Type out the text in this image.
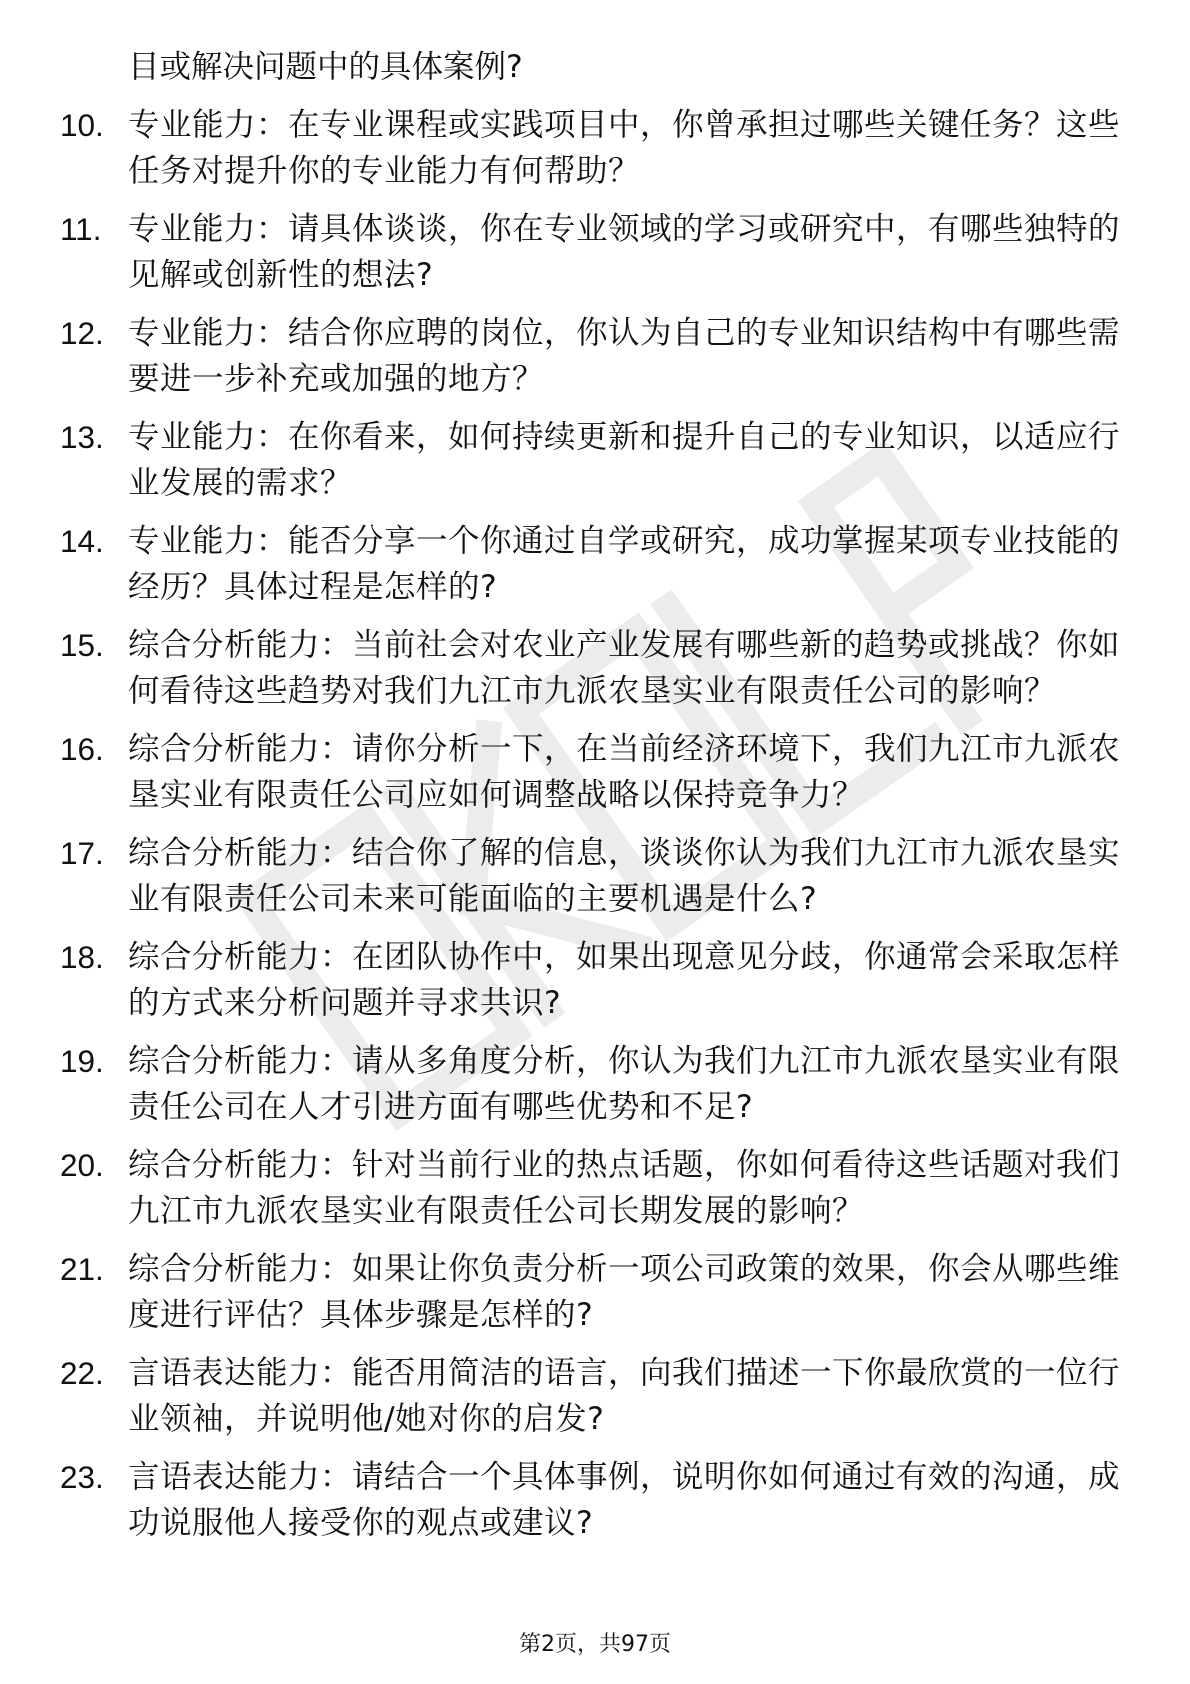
目或解决问题中的具体案例?
10. 专业能力：在专业课程或实践项目中，你曾承担过哪些关键任务？这些任务对提升你的专业能力有何帮助？
11. 专业能力：请具体谈谈，你在专业领域的学习或研究中，有哪些独特的见解或创新性的想法?
12. 专业能力：结合你应聘的岗位，你认为自己的专业知识结构中有哪些需要进一步补充或加强的地方？
13. 专业能力：在你看来，如何持续更新和提升自己的专业知识，以适应行业发展的需求？
14. 专业能力：能否分享一个你通过自学或研究，成功掌握某项专业技能的经历？具体过程是怎样的?
15. 综合分析能力：当前社会对农业产业发展有哪些新的趋势或挑战？你如何看待这些趋势对我们九江市九派农垦实业有限责任公司的影响？
16. 综合分析能力：请你分析一下，在当前经济环境下，我们九江市九派农垦实业有限责任公司应如何调整战略以保持竞争力？
17. 综合分析能力：结合你了解的信息，谈谈你认为我们九江市九派农垦实业有限责任公司未来可能面临的主要机遇是什么?
18. 综合分析能力：在团队协作中，如果出现意见分歧，你通常会采取怎样的方式来分析问题并寻求共识?
19. 综合分析能力：请从多角度分析，你认为我们九江市九派农垦实业有限责任公司在人才引进方面有哪些优势和不足?
20. 综合分析能力：针对当前行业的热点话题，你如何看待这些话题对我们九江市九派农垦实业有限责任公司长期发展的影响？
21. 综合分析能力：如果让你负责分析一项公司政策的效果，你会从哪些维度进行评估？具体步骤是怎样的?
22. 言语表达能力：能否用简洁的语言，向我们描述一下你最欣赏的一位行业领袖，并说明他/她对你的启发?
23. 言语表达能力：请结合一个具体事例，说明你如何通过有效的沟通，成功说服他人接受你的观点或建议?
第2页，共97页
